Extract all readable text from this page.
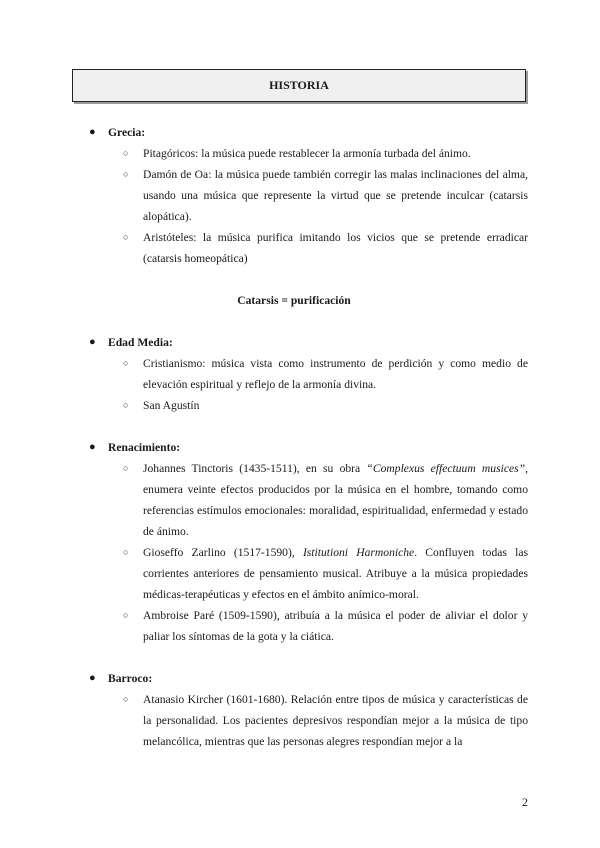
HISTORIA
● Grecia:
○ Pitagóricos: la música puede restablecer la armonía turbada del ánimo.
○ Damón de Oa: la música puede también corregir las malas inclinaciones del alma, usando una música que represente la virtud que se pretende inculcar (catarsis alopática).
○ Aristóteles: la música purifica imitando los vicios que se pretende erradicar (catarsis homeopática)
Catarsis = purificación
● Edad Media:
○ Cristianismo: música vista como instrumento de perdición y como medio de elevación espiritual y reflejo de la armonía divina.
○ San Agustín
● Renacimiento:
○ Johannes Tinctoris (1435-1511), en su obra “Complexus effectuum musices”, enumera veinte efectos producidos por la música en el hombre, tomando como referencias estímulos emocionales: moralidad, espiritualidad, enfermedad y estado de ánimo.
○ Gioseffo Zarlino (1517-1590), Istitutioni Harmoniche. Confluyen todas las corrientes anteriores de pensamiento musical. Atribuye a la música propiedades médicas-terapéuticas y efectos en el ámbito anímico-moral.
○ Ambroise Paré (1509-1590), atribuía a la música el poder de aliviar el dolor y paliar los síntomas de la gota y la ciática.
● Barroco:
○ Atanasio Kircher (1601-1680). Relación entre tipos de música y características de la personalidad. Los pacientes depresivos respondían mejor a la música de tipo melancólica, mientras que las personas alegres respondían mejor a la
2
